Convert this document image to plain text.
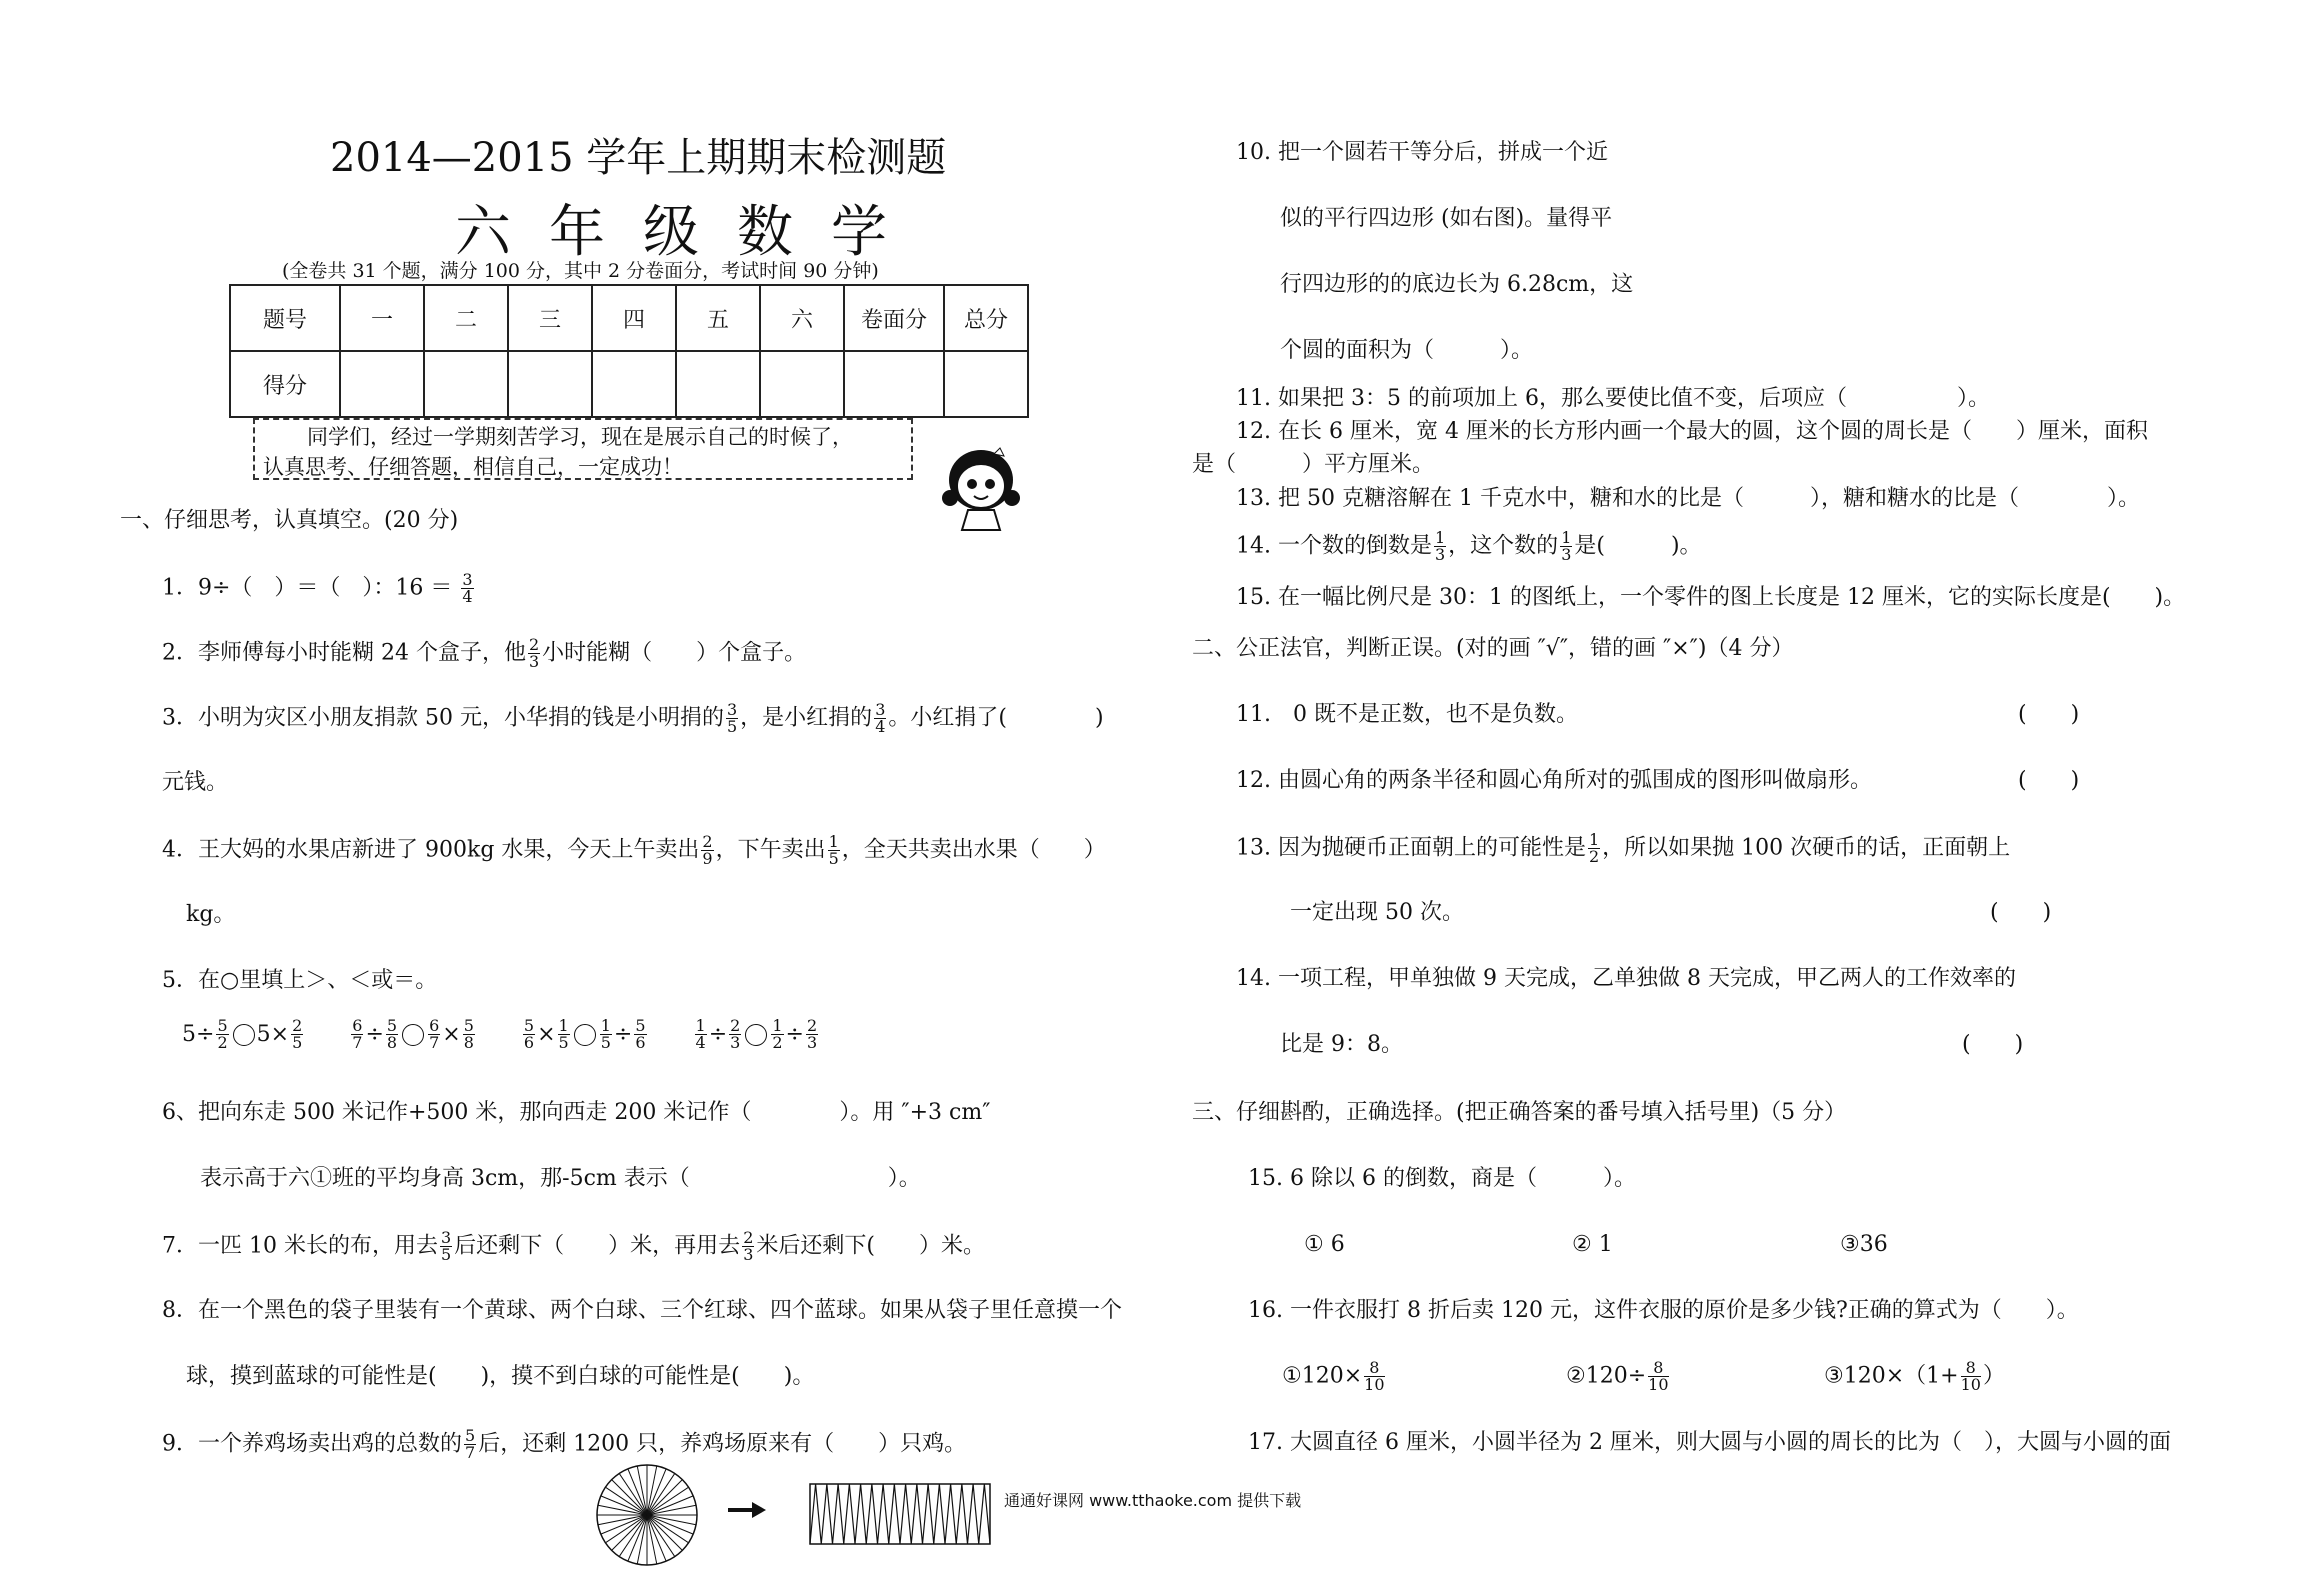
2014—2015 学年上期期末检测题
六年级数学
(全卷共 31 个题，满分 100 分，其中 2 分卷面分，考试时间 90 分钟)
题号	一	二	三	四	五	六	卷面分	总分
得分								
同学们，经过一学期刻苦学习，现在是展示自己的时候了，
认真思考、仔细答题，相信自己，一定成功！
一、仔细思考，认真填空。(20 分)
1．9÷（　）＝（　）：$16 = \frac{3}{4}$
2．李师傅每小时能糊 24 个盒子，他 $\frac{2}{3}$ 小时能糊（　　）个盒子。
3．小明为灾区小朋友捐款 50 元，小华捐的钱是小明捐的 $\frac{3}{5}$ ，是小红捐的 $\frac{3}{4}$ 。小红捐了(　　　　)
元钱。
4．王大妈的水果店新进了 900kg 水果，今天上午卖出 $\frac{2}{9}$ ，下午卖出 $\frac{1}{5}$ ，全天共卖出水果（　　）
kg。
5．在○里填上＞、＜或＝。
$5\div \frac{5}{2} 5\times \frac{2}{5}$
	$\frac{6}{7} \div \frac{5}{8} \frac{6}{7} \times \frac{5}{8}$
	$\frac{5}{6} \times \frac{1}{5} \frac{1}{5} \div \frac{5}{6}$
	$\frac{1}{4} \div \frac{2}{3} \frac{1}{2} \div \frac{2}{3}$
6、把向东走 500 米记作+500 米，那向西走 200 米记作（　　　　）。用 ″+3 cm″
表示高于六①班的平均身高 3cm，那-5cm 表示（　　　　　　　　　）。
7．一匹 10 米长的布，用去 $\frac{3}{5}$ 后还剩下（　　）米，再用去 $\frac{2}{3}$ 米后还剩下(　　）米。
8．在一个黑色的袋子里装有一个黄球、两个白球、三个红球、四个蓝球。如果从袋子里任意摸一个
球，摸到蓝球的可能性是(　　)，摸不到白球的可能性是(　　)。
9．一个养鸡场卖出鸡的总数的 $\frac{5}{7}$ 后，还剩 1200 只，养鸡场原来有（　　）只鸡。
通通好课网 www.tthaoke.com 提供下载
10. 把一个圆若干等分后，拼成一个近
似的平行四边形 (如右图)。量得平
行四边形的的底边长为 6.28cm，这
个圆的面积为（　　　）。
11. 如果把 3：5 的前项加上 6，那么要使比值不变，后项应（　　　　　）。
12. 在长 6 厘米，宽 4 厘米的长方形内画一个最大的圆，这个圆的周长是（　　）厘米，面积
是（　　　）平方厘米。
13. 把 50 克糖溶解在 1 千克水中，糖和水的比是（　　　），糖和糖水的比是（　　　　）。
14. 一个数的倒数是 $\frac{1}{3}$ ，这个数的 $\frac{1}{3}$ 是(　　　)。
15. 在一幅比例尺是 30：1 的图纸上，一个零件的图上长度是 12 厘米，它的实际长度是(　　)。
二、公正法官，判断正误。(对的画 ″√″，错的画 ″×″)（4 分）
11.　0 既不是正数，也不是负数。	(　　)
12. 由圆心角的两条半径和圆心角所对的弧围成的图形叫做扇形。	(　　)
13. 因为抛硬币正面朝上的可能性是 $\frac{1}{2}$ ，所以如果抛 100 次硬币的话，正面朝上
一定出现 50 次。	(　　)
14. 一项工程，甲单独做 9 天完成，乙单独做 8 天完成，甲乙两人的工作效率的
比是 9：8。	(　　)
三、仔细斟酌，正确选择。(把正确答案的番号填入括号里)（5 分）
15. 6 除以 6 的倒数，商是（　　　）。
① 6	② 1	③36
16. 一件衣服打 8 折后卖 120 元，这件衣服的原价是多少钱?正确的算式为（　　）。
①120× $\frac{8}{10}$	②120÷ $\frac{8}{10}$	③120×（1+ $\frac{8}{10}$ ）
17. 大圆直径 6 厘米，小圆半径为 2 厘米，则大圆与小圆的周长的比为（　），大圆与小圆的面
